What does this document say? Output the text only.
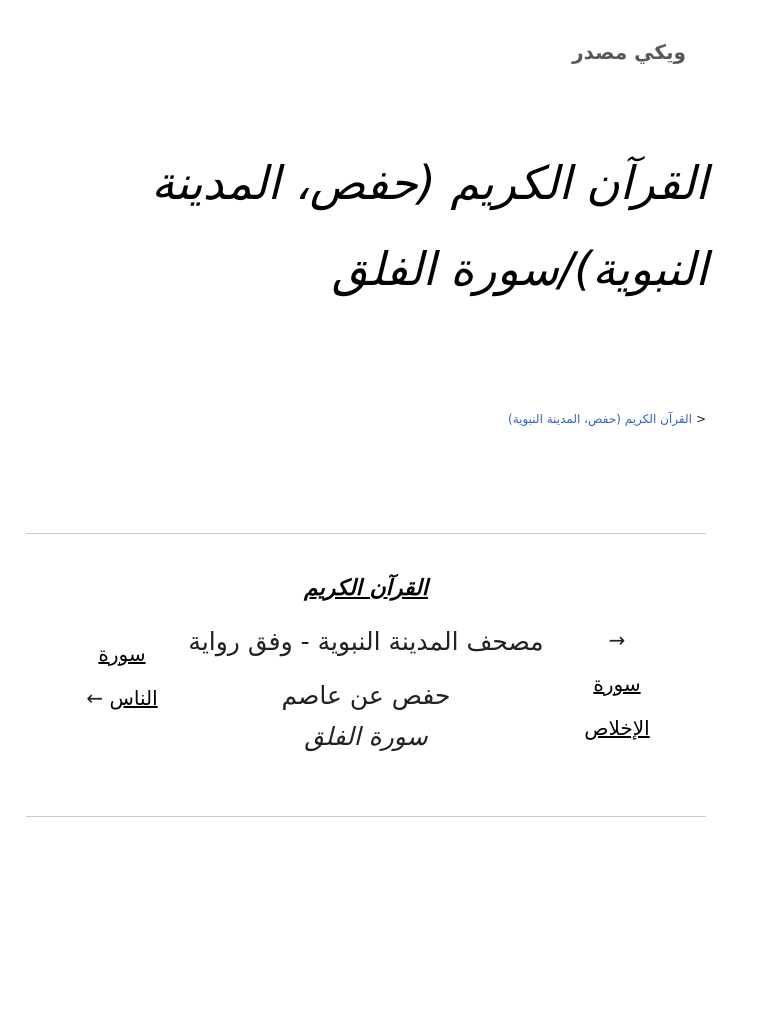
ويكي مصدر
القرآن الكريم (حفص، المدينة النبوية)/سورة الفلق
<القرآن الكريم (حفص، المدينة النبوية)
→
سورة الإخلاص
القرآن الكريم
مصحف المدينة النبوية - وفق رواية حفص عن عاصم
سورة الفلق
سورة الناس ←
